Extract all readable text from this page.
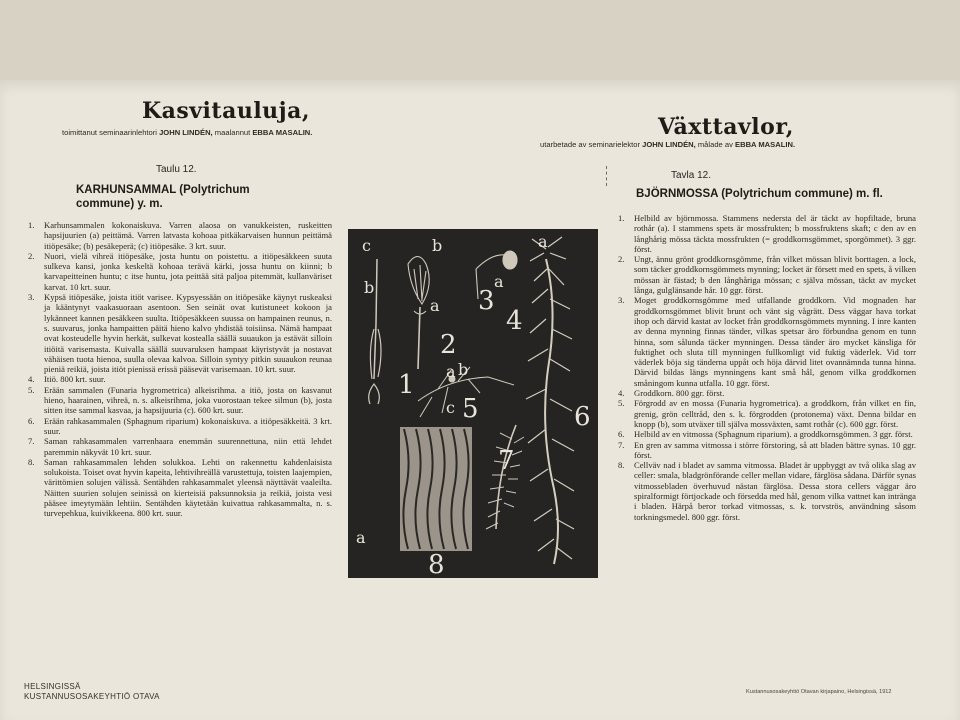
Kasvitauluja,
toimittanut seminaarinlehtori JOHN LINDÉN, maalannut EBBA MASALIN.
Taulu 12.
KARHUNSAMMAL (Polytrichum
commune) y. m.
1. Karhunsammalen kokonaiskuva. Varren alaosa on vanukkeisten, ruskeitten hapsijuurien (a) peittämä. Varren latvasta kohoaa pitkäkarvaisen hunnun peittämä itiöpesäke; (b) pesäkeperä; (c) itiöpesäke. 3 krt. suur.
2. Nuori, vielä vihreä itiöpesäke, josta huntu on poistettu. a itiöpesäkkeen suuta sulkeva kansi, jonka keskeltä kohoaa terävä kärki, jossa huntu on kiinni; b karvapeitteinen huntu; c itse huntu, jota peittää sitä paljoa pitemmät, kullanväriset karvat. 10 krt. suur.
3. Kypsä itiöpesäke, joista itiöt varisee. Kypsyessään on itiöpesäke käynyt ruskeaksi ja kääntynyt vaakasuoraan asentoon. Sen seinät ovat kutistuneet kokoon ja lykänneet kannen pesäkkeen suulta. Itiöpesäkkeen suussa on hampainen reunus, n. s. suuvarus, jonka hampaitten päitä hieno kalvo yhdistää toisiinsa. Nämä hampaat ovat kosteudelle hyvin herkät, sulkevat kostealla säällä suuaukon ja estävät silloin itiöitä varisemasta. Kuivalla säällä suuvaruksen hampaat käyristyvät ja nostavat vähäisen tuota hienoa, suulla olevaa kalvoa. Silloin syntyy pitkin suuaukon reunaa pieniä reikiä, joista itiöt pienissä erissä pääsevät varisemaan. 10 krt. suur.
4. Itiö. 800 krt. suur.
5. Erään sammalen (Funaria hygrometrica) alkeisrihma. a itiö, josta on kasvanut hieno, haarainen, vihreä, n. s. alkeisrihma, joka vuorostaan tekee silmun (b), josta sitten itse sammal kasvaa, ja hapsijuuria (c). 600 krt. suur.
6. Erään rahkasammalen (Sphagnum riparium) kokonaiskuva. a itiöpesäkkeitä. 3 krt. suur.
7. Saman rahkasammalen varrenhaara enemmän suurennettuna, niin että lehdet paremmin näkyvät 10 krt. suur.
8. Saman rahkasammalen lehden solukkoa. Lehti on rakennettu kahdenlaisista solukoista. Toiset ovat hyvin kapeita, lehtivihreällä varustettuja, toisten laajempien, värittömien solujen välissä. Sentähden rahkasammalet yleensä näyttävät vaaleilta. Näitten suurien solujen seinissä on kierteisiä paksunnoksia ja reikiä, joista vesi pääsee imeytymään lehtiin. Sentähden käytetään kuivattua rahkasammalta, n. s. turvepehkua, kuivikkeena. 800 krt. suur.
Växttavlor,
utarbetade av seminarielektor JOHN LINDÉN, målade av EBBA MASALIN.
Tavla 12.
BJÖRNMOSSA (Polytrichum commune) m. fl.
1. Helbild av björnmossa. Stammens nedersta del är täckt av hopfiltade, bruna rothår (a). I stammens spets är mossfrukten; b mossfruktens skaft; c den av en långhårig mössa täckta mossfrukten (= groddkornsgömmet, sporgömmet). 3 ggr. först.
2. Ungt, ännu grönt groddkornsgömme, från vilket mössan blivit borttagen. a lock, som täcker groddkornsgömmets mynning; locket är försett med en spets, å vilken mössan är fästad; b den långhåriga mössan; c själva mössan, täckt av mycket långa, gulglänsande hår. 10 ggr. först.
3. Moget groddkornsgömme med utfallande groddkorn. Vid mognaden har groddkornsgömmet blivit brunt och vänt sig vågrätt. Dess väggar hava torkat ihop och därvid kastat av locket från groddkornsgömmets mynning. I inre kanten av denna mynning finnas tänder, vilkas spetsar äro förbundna genom en tunn hinna, som sålunda täcker mynningen. Dessa tänder äro mycket känsliga för fuktighet och sluta till mynningen fullkomligt vid fuktig väderlek. Vid torr väderlek böja sig tänderna uppåt och höja därvid litet ovannämnda tunna hinna. Därvid bildas längs mynningens kant små hål, genom vilka groddkornen småningom kunna utfalla. 10 ggr. först.
4. Groddkorn. 800 ggr. först.
5. Förgrodd av en mossa (Funaria hygrometrica). a groddkorn, från vilket en fin, grenig, grön celltråd, den s. k. förgrodden (protonema) växt. Denna bildar en knopp (b), som utväxer till själva mossväxten, samt rothår (c). 600 ggr. först.
6. Helbild av en vitmossa (Sphagnum riparium). a groddkornsgömmen. 3 ggr. först.
7. En gren av samma vitmossa i större förstoring, så att bladen bättre synas. 10 ggr. först.
8. Cellväv nad i bladet av samma vitmossa. Bladet är uppbyggt av två olika slag av celler: smala, bladgrönförande celler mellan vidare, färglösa sådana. Därför synas vitmossebladen överhuvud nästan färglösa. Dessa stora cellers väggar äro spiralformigt förtjockade och försedda med hål, genom vilka vattnet kan intränga i bladen. Härpå beror torkad vitmossas, s. k. torvströs, användning såsom torkningsmedel. 800 ggr. först.
c	b
b
a
2
3
a
4
a
1 a b
c 5	6
7
a
8
HELSINGISSÄ
KUSTANNUSOSAKEYHTIÖ OTAVA	Kustannusosakeyhtiö Otavan kirjapaino, Helsingissä, 1912
